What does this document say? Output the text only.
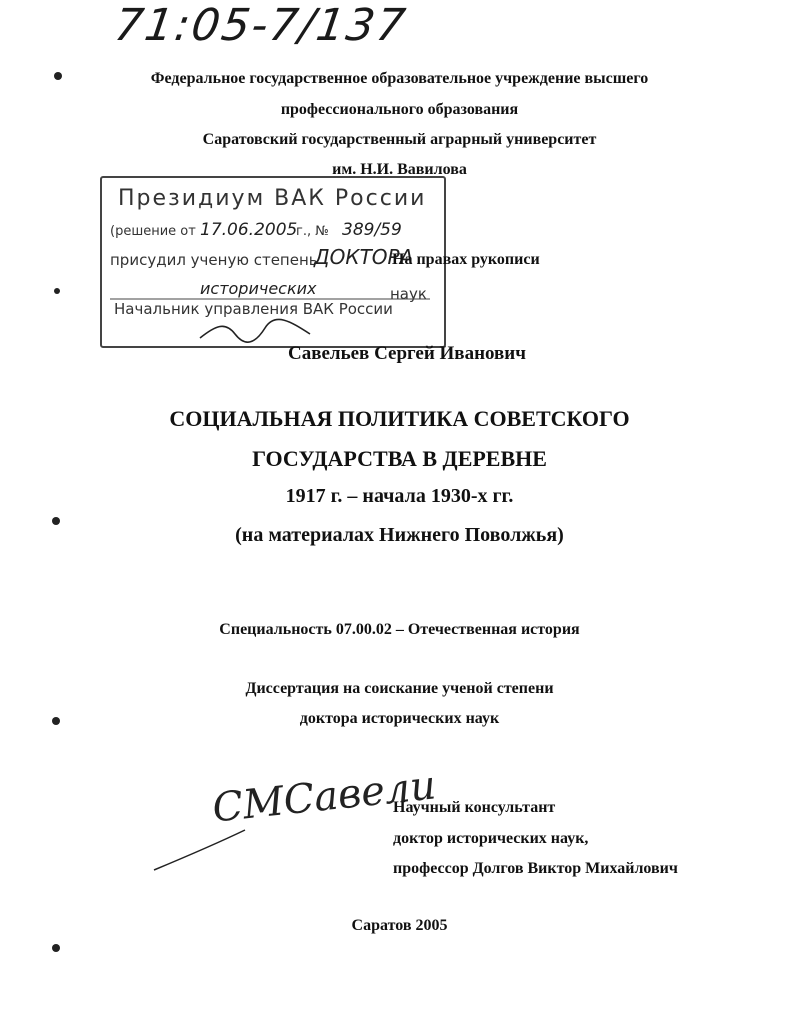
71:05-7/137
Федеральное государственное образовательное учреждение высшего
профессионального образования
Саратовский государственный аграрный университет
им. Н.И. Вавилова
Президиум ВАК России
(решение от 17.06.2005
г., № 389/59
присудил ученую степень
ДОКТОРА
исторических	наук
Начальник управления ВАК России
На правах рукописи
Савельев Сергей Иванович
СОЦИАЛЬНАЯ ПОЛИТИКА СОВЕТСКОГО
ГОСУДАРСТВА В ДЕРЕВНЕ
1917 г. – начала 1930-х гг.
(на материалах Нижнего Поволжья)
Специальность 07.00.02 – Отечественная история
Диссертация на соискание ученой степени
доктора исторических наук
СМСавели
Научный консультант
доктор исторических наук,
профессор Долгов Виктор Михайлович
Саратов 2005
